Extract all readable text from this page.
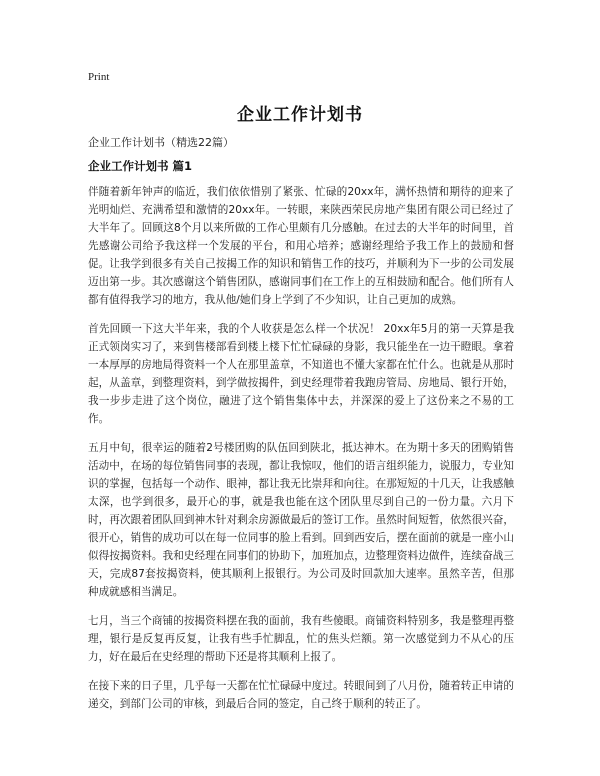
Print
企业工作计划书
企业工作计划书（精选22篇）
企业工作计划书 篇1

伴随着新年钟声的临近，我们依依惜别了紧张、忙碌的20xx年，满怀热情和期待的迎来了光明灿烂、充满希望和激情的20xx年。一转眼，来陕西荣民房地产集团有限公司已经过了大半年了。回顾这8个月以来所做的工作心里颇有几分感触。在过去的大半年的时间里，首先感谢公司给予我这样一个发展的平台，和用心培养；感谢经理给予我工作上的鼓励和督促。让我学到很多有关自己按揭工作的知识和销售工作的技巧，并顺利为下一步的公司发展迈出第一步。其次感谢这个销售团队，感谢同事们在工作上的互相鼓励和配合。他们所有人都有值得我学习的地方，我从他/她们身上学到了不少知识，让自己更加的成熟。

首先回顾一下这大半年来，我的个人收获是怎么样一个状况！ 20xx年5月的第一天算是我正式领岗实习了，来到售楼部看到楼上楼下忙忙碌碌的身影，我只能坐在一边干瞪眼。拿着一本厚厚的房地局得资料一个人在那里盖章，不知道也不懂大家都在忙什么。也就是从那时起，从盖章，到整理资料，到学做按揭件，到史经理带着我跑房管局、房地局、银行开始，我一步步走进了这个岗位，融进了这个销售集体中去，并深深的爱上了这份来之不易的工作。

五月中旬，很幸运的随着2号楼团购的队伍回到陕北，抵达神木。在为期十多天的团购销售活动中，在场的每位销售同事的表现，都让我惊叹，他们的语言组织能力，说服力，专业知识的掌握，包括每一个动作、眼神，都让我无比崇拜和向往。在那短短的十几天，让我感触太深，也学到很多，最开心的事，就是我也能在这个团队里尽到自己的一份力量。六月下时，再次跟着团队回到神木针对剩余房源做最后的签订工作。虽然时间短暂，依然很兴奋，很开心，销售的成功可以在每一位同事的脸上看到。回到西安后，摆在面前的就是一座小山似得按揭资料。我和史经理在同事们的协助下，加班加点，边整理资料边做件，连续奋战三天，完成87套按揭资料，使其顺利上报银行。为公司及时回款加大速率。虽然辛苦，但那种成就感相当满足。

七月，当三个商铺的按揭资料摆在我的面前，我有些傻眼。商铺资料特别多，我是整理再整理，银行是反复再反复，让我有些手忙脚乱，忙的焦头烂额。第一次感觉到力不从心的压力，好在最后在史经理的帮助下还是将其顺利上报了。

在接下来的日子里，几乎每一天都在忙忙碌碌中度过。转眼间到了八月份，随着转正申请的递交，到部门公司的审核，到最后合同的签定，自己终于顺利的转正了。
